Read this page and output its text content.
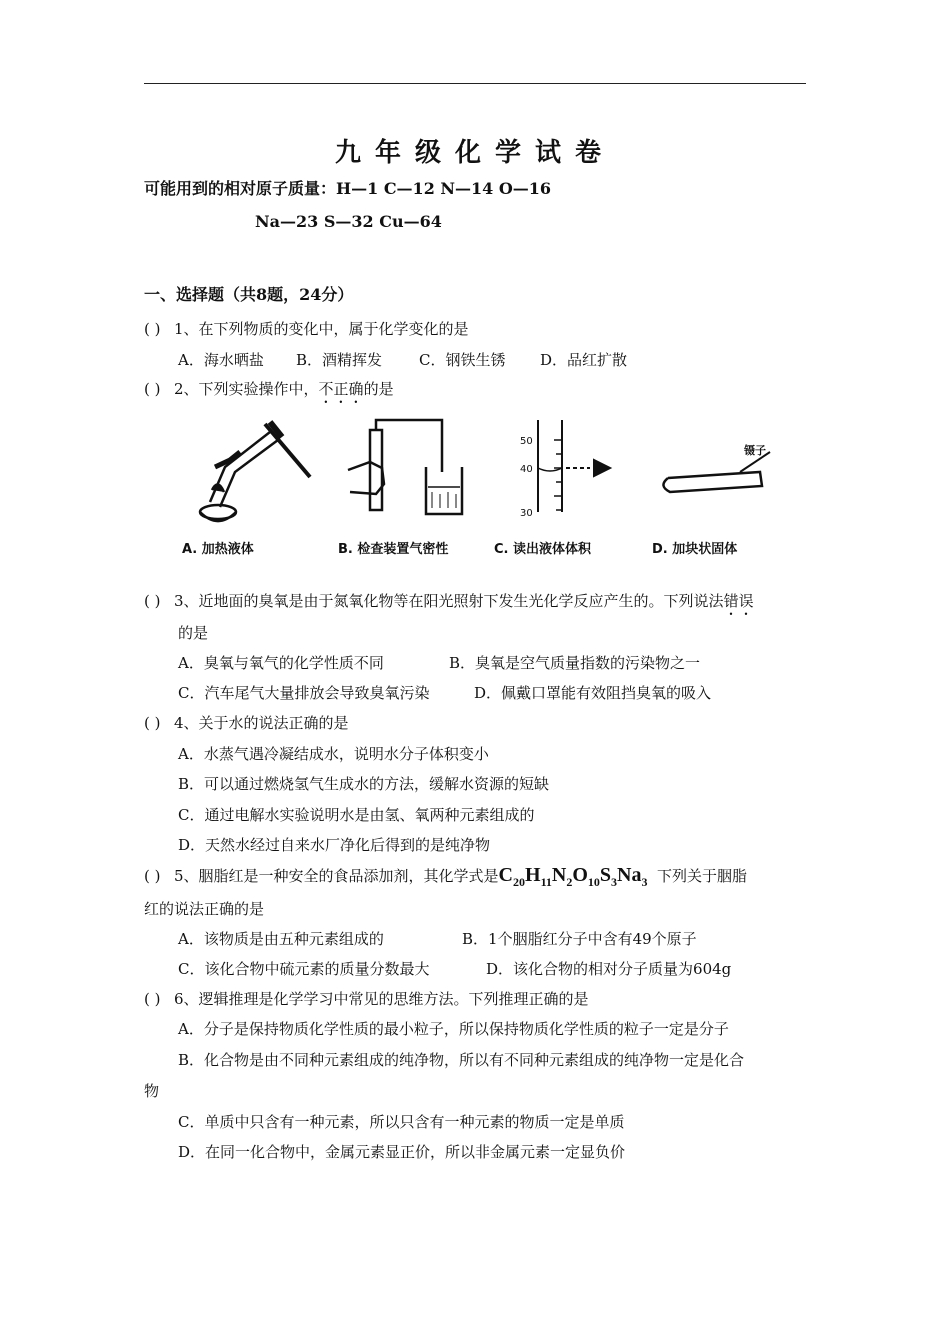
九年级化学试卷
可能用到的相对原子质量：H—1 C—12 N—14 O—16
Na—23 S—32 Cu—64
一、选择题（共8题，24分）
( ) 1、在下列物质的变化中，属于化学变化的是
A．海水晒盐 B．酒精挥发 C．钢铁生锈 D．品红扩散
( ) 2、下列实验操作中，不正确的是
50
40
30
镊子
A. 加热液体	B. 检查装置气密性	C. 读出液体体积	D. 加块状固体
( ) 3、近地面的臭氧是由于氮氧化物等在阳光照射下发生光化学反应产生的。下列说法错误
的是
A．臭氧与氧气的化学性质不同	B．臭氧是空气质量指数的污染物之一
C．汽车尾气大量排放会导致臭氧污染	D．佩戴口罩能有效阻挡臭氧的吸入
( ) 4、关于水的说法正确的是
A．水蒸气遇冷凝结成水，说明水分子体积变小
B．可以通过燃烧氢气生成水的方法，缓解水资源的短缺
C．通过电解水实验说明水是由氢、氧两种元素组成的
D．天然水经过自来水厂净化后得到的是纯净物
( ) 5、胭脂红是一种安全的食品添加剂，其化学式是$C_{20}H_{11}N_2O_{10}S_3Na_3$ 下列关于胭脂
红的说法正确的是
A．该物质是由五种元素组成的	B．1个胭脂红分子中含有49个原子
C．该化合物中硫元素的质量分数最大	D．该化合物的相对分子质量为604g
( ) 6、逻辑推理是化学学习中常见的思维方法。下列推理正确的是
A．分子是保持物质化学性质的最小粒子，所以保持物质化学性质的粒子一定是分子
B．化合物是由不同种元素组成的纯净物，所以有不同种元素组成的纯净物一定是化合
物
C．单质中只含有一种元素，所以只含有一种元素的物质一定是单质
D．在同一化合物中，金属元素显正价，所以非金属元素一定显负价
